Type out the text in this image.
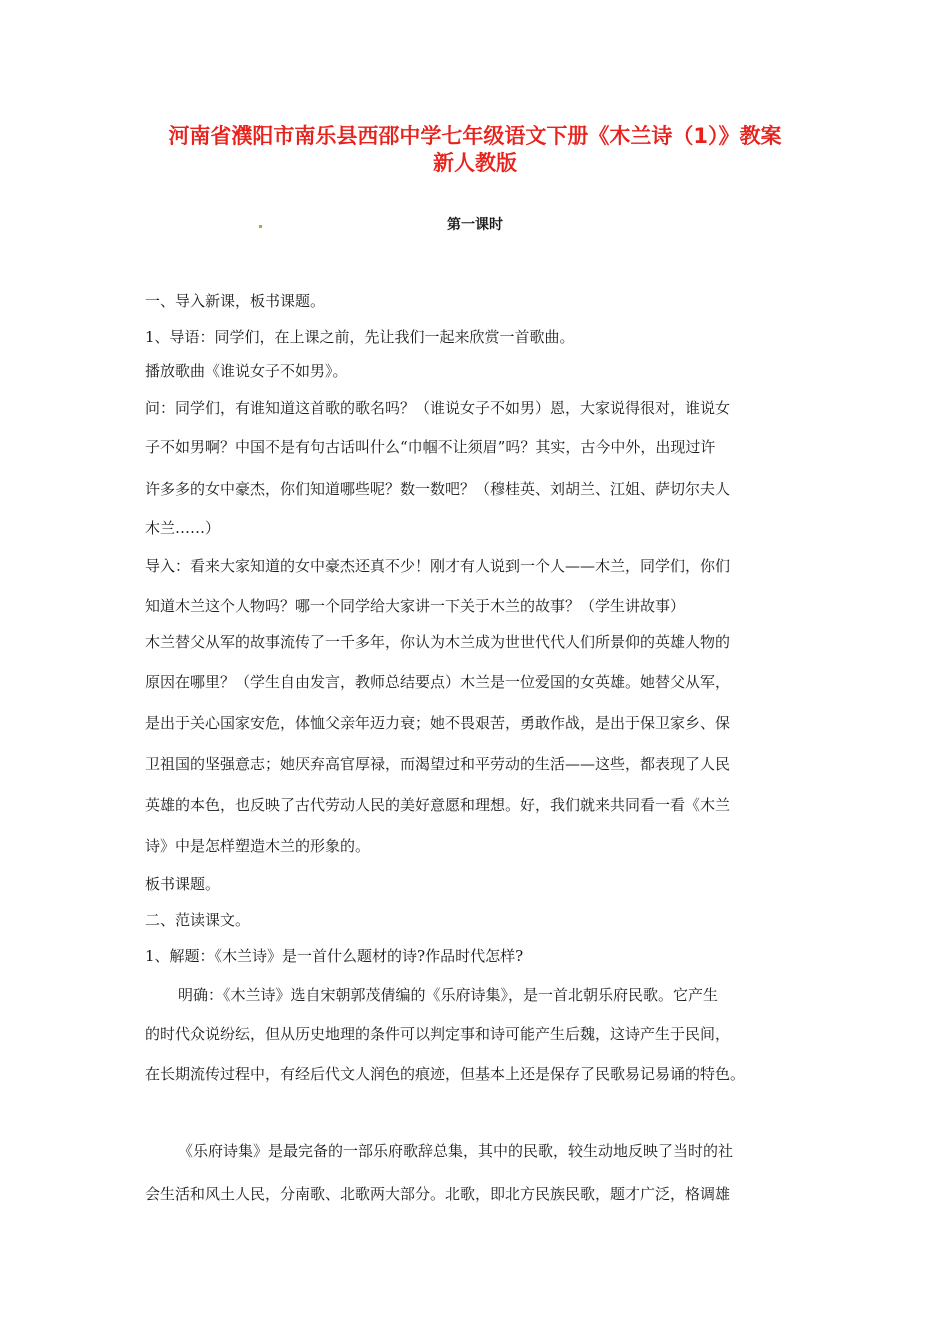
河南省濮阳市南乐县西邵中学七年级语文下册《木兰诗（1）》教案
新人教版
第一课时
一、导入新课，板书课题。
1、导语：同学们，在上课之前，先让我们一起来欣赏一首歌曲。
播放歌曲《谁说女子不如男》。
问：同学们，有谁知道这首歌的歌名吗？（谁说女子不如男）恩，大家说得很对，谁说女
子不如男啊？中国不是有句古话叫什么“巾帼不让须眉”吗？其实，古今中外，出现过许
许多多的女中豪杰，你们知道哪些呢？数一数吧？（穆桂英、刘胡兰、江姐、萨切尔夫人
木兰……）
导入：看来大家知道的女中豪杰还真不少！刚才有人说到一个人——木兰，同学们，你们
知道木兰这个人物吗？哪一个同学给大家讲一下关于木兰的故事？（学生讲故事）
木兰替父从军的故事流传了一千多年，你认为木兰成为世世代代人们所景仰的英雄人物的
原因在哪里？（学生自由发言，教师总结要点）木兰是一位爱国的女英雄。她替父从军，
是出于关心国家安危，体恤父亲年迈力衰；她不畏艰苦，勇敢作战，是出于保卫家乡、保
卫祖国的坚强意志；她厌弃高官厚禄，而渴望过和平劳动的生活——这些，都表现了人民
英雄的本色，也反映了古代劳动人民的美好意愿和理想。好，我们就来共同看一看《木兰
诗》中是怎样塑造木兰的形象的。
板书课题。
二、范读课文。
1、解题：《木兰诗》是一首什么题材的诗?作品时代怎样?
明确：《木兰诗》选自宋朝郭茂倩编的《乐府诗集》，是一首北朝乐府民歌。它产生
的时代众说纷纭，但从历史地理的条件可以判定事和诗可能产生后魏，这诗产生于民间，
在长期流传过程中，有经后代文人润色的痕迹，但基本上还是保存了民歌易记易诵的特色。
《乐府诗集》是最完备的一部乐府歌辞总集，其中的民歌，较生动地反映了当时的社
会生活和风土人民，分南歌、北歌两大部分。北歌，即北方民族民歌，题才广泛，格调雄
